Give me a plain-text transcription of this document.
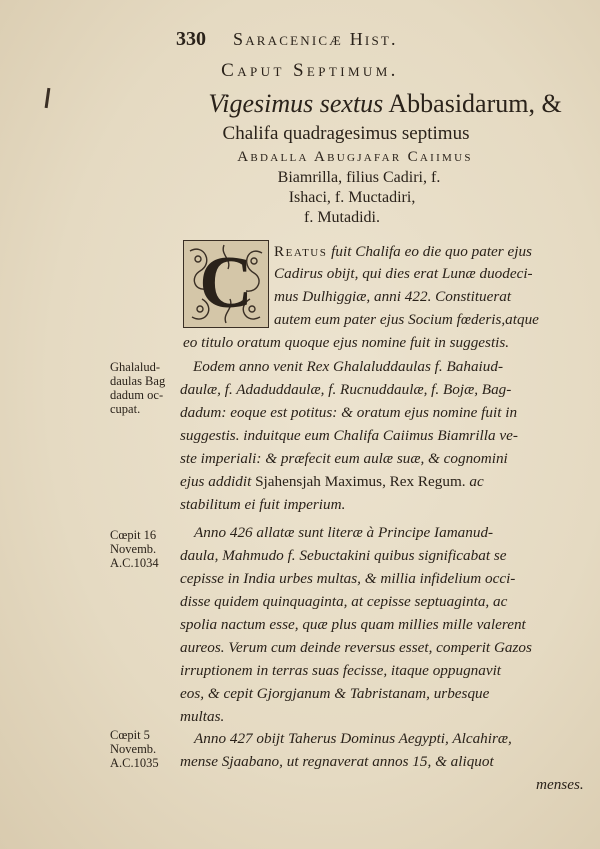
330 Saracenicæ Hist.
Caput Septimum.
Vigesimus sextus Abbasidarum, &
Chalifa quadragesimus septimus
Abdalla Abugjafar Caiimus
Biamrilla, filius Cadiri, f.
Ishaci, f. Muctadiri,
f. Mutadidi.
C	Reatus fuit Chalifa eo die quo pater ejus
Cadirus obijt, qui dies erat Lunæ duodeci-
mus Dulhiggiæ, anni 422. Constituerat
autem eum pater ejus Socium fœderis,atque
eo titulo oratum quoque ejus nomine fuit in suggestis.
Ghalalud-
daulas Bag
dadum oc-
cupat.
Eodem anno venit Rex Ghalaluddaulas f. Bahaiud-
daulæ, f. Adaduddaulæ, f. Rucnuddaulæ, f. Bojæ, Bag-
dadum: eoque est potitus: & oratum ejus nomine fuit in
suggestis. induitque eum Chalifa Caiimus Biamrilla ve-
ste imperiali: & præfecit eum aulæ suæ, & cognomini
ejus addidit Sjahensjah Maximus, Rex Regum. ac
stabilitum ei fuit imperium.
Cœpit 16
Novemb.
A.C.1034
Anno 426 allatæ sunt literæ à Principe Iamanud-
daula, Mahmudo f. Sebuctakini quibus significabat se
cepisse in India urbes multas, & millia infidelium occi-
disse quidem quinquaginta, at cepisse septuaginta, ac
spolia nactum esse, quæ plus quam millies mille valerent
aureos. Verum cum deinde reversus esset, comperit Gazos
irruptionem in terras suas fecisse, itaque oppugnavit
eos, & cepit Gjorgjanum & Tabristanam, urbesque
multas.
Cœpit 5
Novemb.
A.C.1035
Anno 427 obijt Taherus Dominus Aegypti, Alcahiræ,
mense Sjaabano, ut regnaverat annos 15, & aliquot
menses.
